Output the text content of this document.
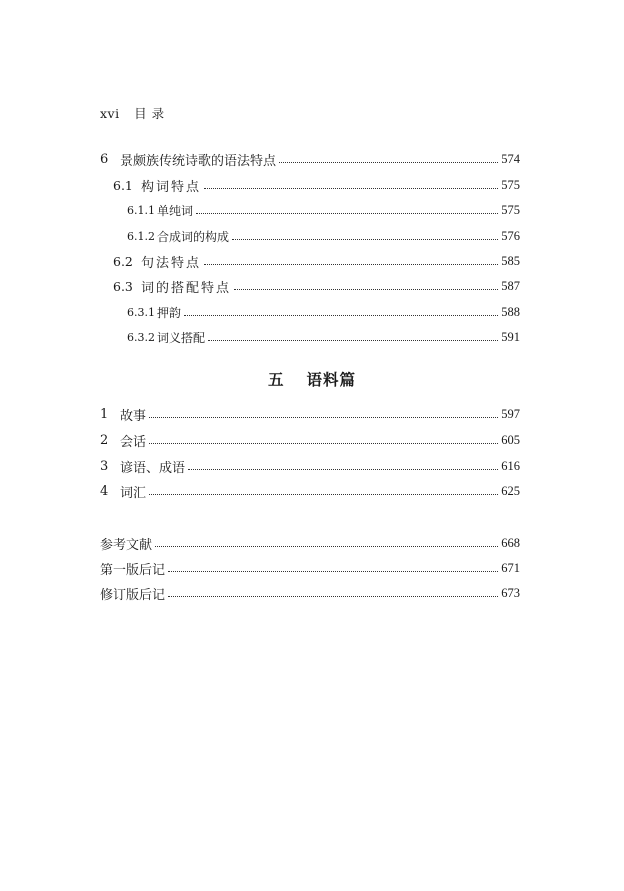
xvi 目 录
6 景颇族传统诗歌的语法特点	574
6.1 构词特点	575
6.1.1 单纯词	575
6.1.2 合成词的构成	576
6.2 句法特点	585
6.3 词的搭配特点	587
6.3.1 押韵	588
6.3.2 词义搭配	591
五 语料篇
1 故事	597
2 会话	605
3 谚语、成语	616
4 词汇	625
参考文献	668
第一版后记	671
修订版后记	673
